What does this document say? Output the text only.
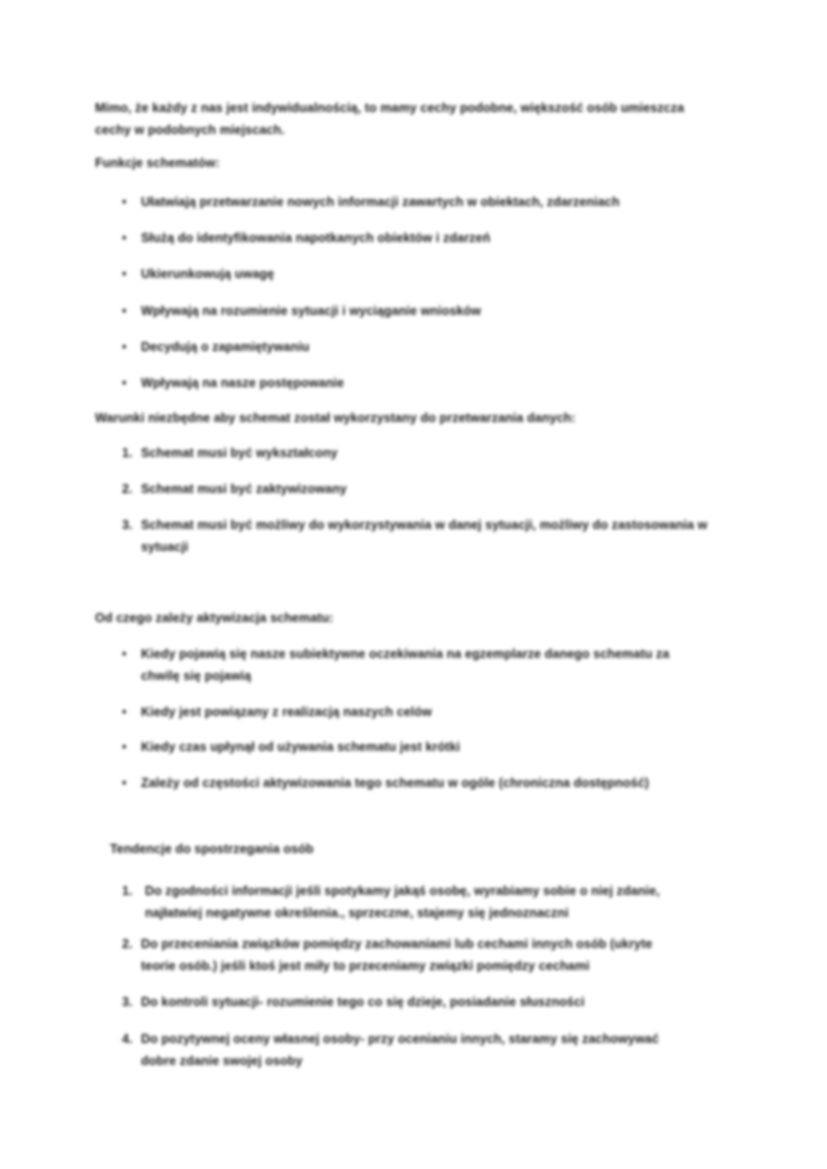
Mimo, że każdy z nas jest indywidualnością, to mamy cechy podobne, większość osób umieszcza
cechy w podobnych miejscach.
Funkcje schematów:
• Ułatwiają przetwarzanie nowych informacji zawartych w obiektach, zdarzeniach
• Służą do identyfikowania napotkanych obiektów i zdarzeń
• Ukierunkowują uwagę
• Wpływają na rozumienie sytuacji i wyciąganie wniosków
• Decydują o zapamiętywaniu
• Wpływają na nasze postępowanie
Warunki niezbędne aby schemat został wykorzystany do przetwarzania danych:
1. Schemat musi być wykształcony
2. Schemat musi być zaktywizowany
3. Schemat musi być możliwy do wykorzystywania w danej sytuacji, możliwy do zastosowania w
sytuacji
Od czego zależy aktywizacja schematu:
• Kiedy pojawią się nasze subiektywne oczekiwania na egzemplarze danego schematu za
chwilę się pojawią
• Kiedy jest powiązany z realizacją naszych celów
• Kiedy czas upłynął od używania schematu jest krótki
• Zależy od częstości aktywizowania tego schematu w ogóle (chroniczna dostępność)
Tendencje do spostrzegania osób
1. Do zgodności informacji jeśli spotykamy jakąś osobę, wyrabiamy sobie o niej zdanie,
najłatwiej negatywne określenia., sprzeczne, stajemy się jednoznaczni
2. Do przeceniania związków pomiędzy zachowaniami lub cechami innych osób (ukryte
teorie osób.) jeśli ktoś jest miły to przeceniamy związki pomiędzy cechami
3. Do kontroli sytuacji- rozumienie tego co się dzieje, posiadanie słuszności
4. Do pozytywnej oceny własnej osoby- przy ocenianiu innych, staramy się zachowywać
dobre zdanie swojej osoby
